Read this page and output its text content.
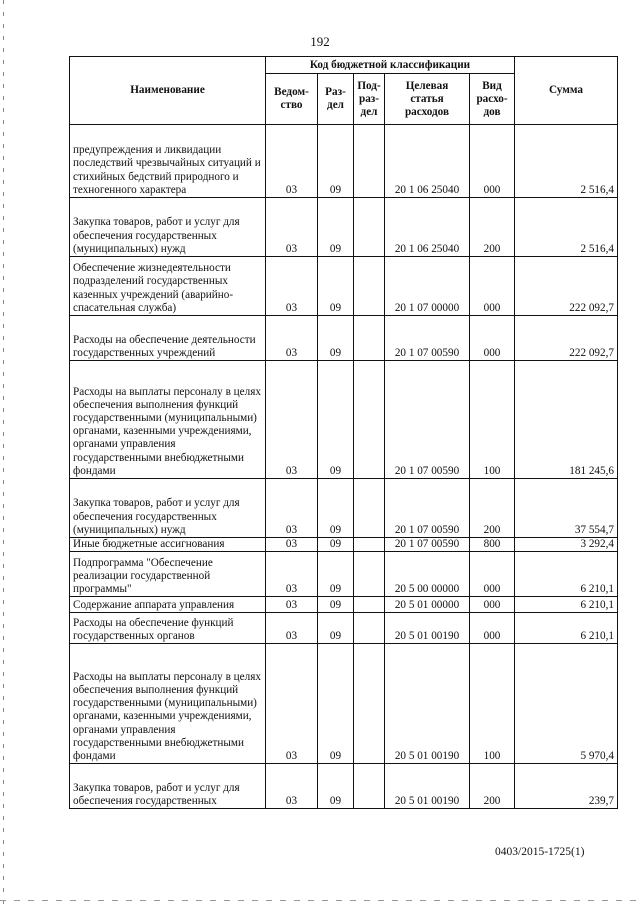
192
Наименование	Код бюджетной классификации					Сумма
	Ведом- ство	Раз- дел	Под- раз- дел	Целевая статья расходов	Вид расхо- дов	
предупреждения и ликвидации последствий чрезвычайных ситуаций и стихийных бедствий природного и техногенного характера	03	09		20 1 06 25040	000	2 516,4
Закупка товаров, работ и услуг для обеспечения государственных (муниципальных) нужд	03	09		20 1 06 25040	200	2 516,4
Обеспечение жизнедеятельности подразделений государственных казенных учреждений (аварийно-спасательная служба)	03	09		20 1 07 00000	000	222 092,7
Расходы на обеспечение деятельности государственных учреждений	03	09		20 1 07 00590	000	222 092,7
Расходы на выплаты персоналу в целях обеспечения выполнения функций государственными (муниципальными) органами, казенными учреждениями, органами управления государственными внебюджетными фондами	03	09		20 1 07 00590	100	181 245,6
Закупка товаров, работ и услуг для обеспечения государственных (муниципальных) нужд	03	09		20 1 07 00590	200	37 554,7
Иные бюджетные ассигнования	03	09		20 1 07 00590	800	3 292,4
Подпрограмма "Обеспечение реализации государственной программы"	03	09		20 5 00 00000	000	6 210,1
Содержание аппарата управления	03	09		20 5 01 00000	000	6 210,1
Расходы на обеспечение функций государственных органов	03	09		20 5 01 00190	000	6 210,1
Расходы на выплаты персоналу в целях обеспечения выполнения функций государственными (муниципальными) органами, казенными учреждениями, органами управления государственными внебюджетными фондами	03	09		20 5 01 00190	100	5 970,4
Закупка товаров, работ и услуг для обеспечения государственных	03	09		20 5 01 00190	200	239,7
0403/2015-1725(1)
